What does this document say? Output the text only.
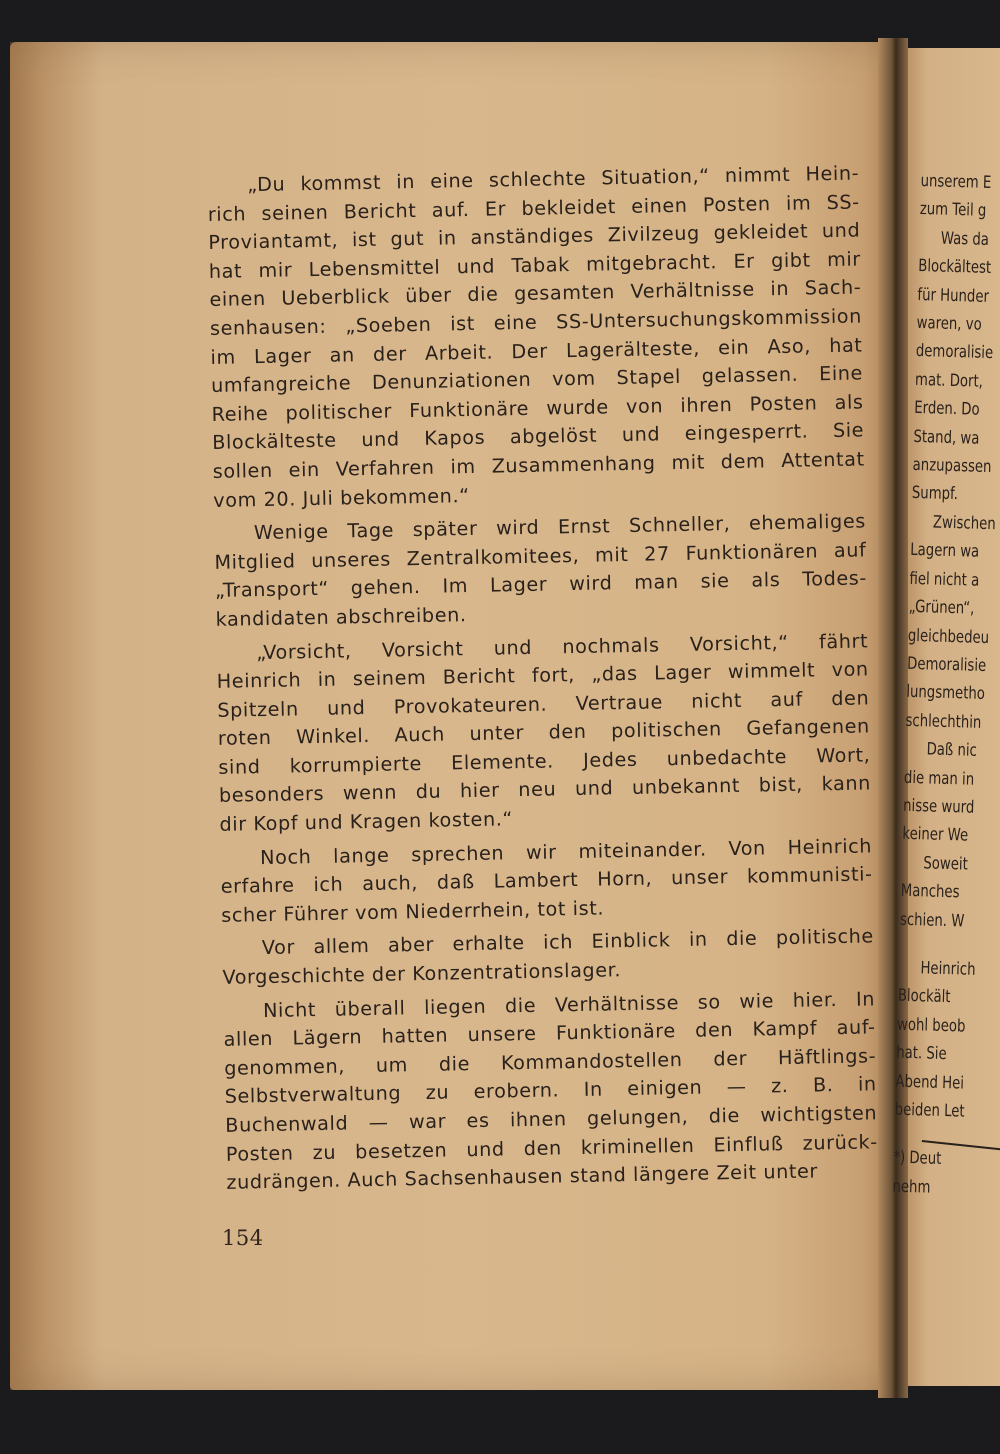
„Du kommst in eine schlechte Situation,“ nimmt Hein-
rich seinen Bericht auf. Er bekleidet einen Posten im SS-
Proviantamt, ist gut in anständiges Zivilzeug gekleidet und
hat mir Lebensmittel und Tabak mitgebracht. Er gibt mir
einen Ueberblick über die gesamten Verhältnisse in Sach-
senhausen: „Soeben ist eine SS-Untersuchungskommission
im Lager an der Arbeit. Der Lagerälteste, ein Aso, hat
umfangreiche Denunziationen vom Stapel gelassen. Eine
Reihe politischer Funktionäre wurde von ihren Posten als
Blockälteste und Kapos abgelöst und eingesperrt. Sie
sollen ein Verfahren im Zusammenhang mit dem Attentat
vom 20. Juli bekommen.“

Wenige Tage später wird Ernst Schneller, ehemaliges
Mitglied unseres Zentralkomitees, mit 27 Funktionären auf
„Transport“ gehen. Im Lager wird man sie als Todes-
kandidaten abschreiben.

„Vorsicht, Vorsicht und nochmals Vorsicht,“ fährt
Heinrich in seinem Bericht fort, „das Lager wimmelt von
Spitzeln und Provokateuren. Vertraue nicht auf den
roten Winkel. Auch unter den politischen Gefangenen
sind korrumpierte Elemente. Jedes unbedachte Wort,
besonders wenn du hier neu und unbekannt bist, kann
dir Kopf und Kragen kosten.“

Noch lange sprechen wir miteinander. Von Heinrich
erfahre ich auch, daß Lambert Horn, unser kommunisti-
scher Führer vom Niederrhein, tot ist.

Vor allem aber erhalte ich Einblick in die politische
Vorgeschichte der Konzentrationslager.

Nicht überall liegen die Verhältnisse so wie hier. In
allen Lägern hatten unsere Funktionäre den Kampf auf-
genommen, um die Kommandostellen der Häftlings-
Selbstverwaltung zu erobern. In einigen — z. B. in
Buchenwald — war es ihnen gelungen, die wichtigsten
Posten zu besetzen und den kriminellen Einfluß zurück-
zudrängen. Auch Sachsenhausen stand längere Zeit unter

154
unserem E
zum Teil g
Was da
Blockältest
für Hunder
waren, vo
demoralisie
mat. Dort,
Erden. Do
Stand, wa
anzupassen
Sumpf.
Zwischen
Lagern wa
fiel nicht a
„Grünen“,
gleichbedeu
Demoralisie
lungsmetho
schlechthin
Daß nic
die man in
nisse wurd
keiner We
Soweit
Manches
schien. W
Heinrich
Blockält
wohl beob
hat. Sie
Abend Hei
beiden Let
*) Deut
nehm
